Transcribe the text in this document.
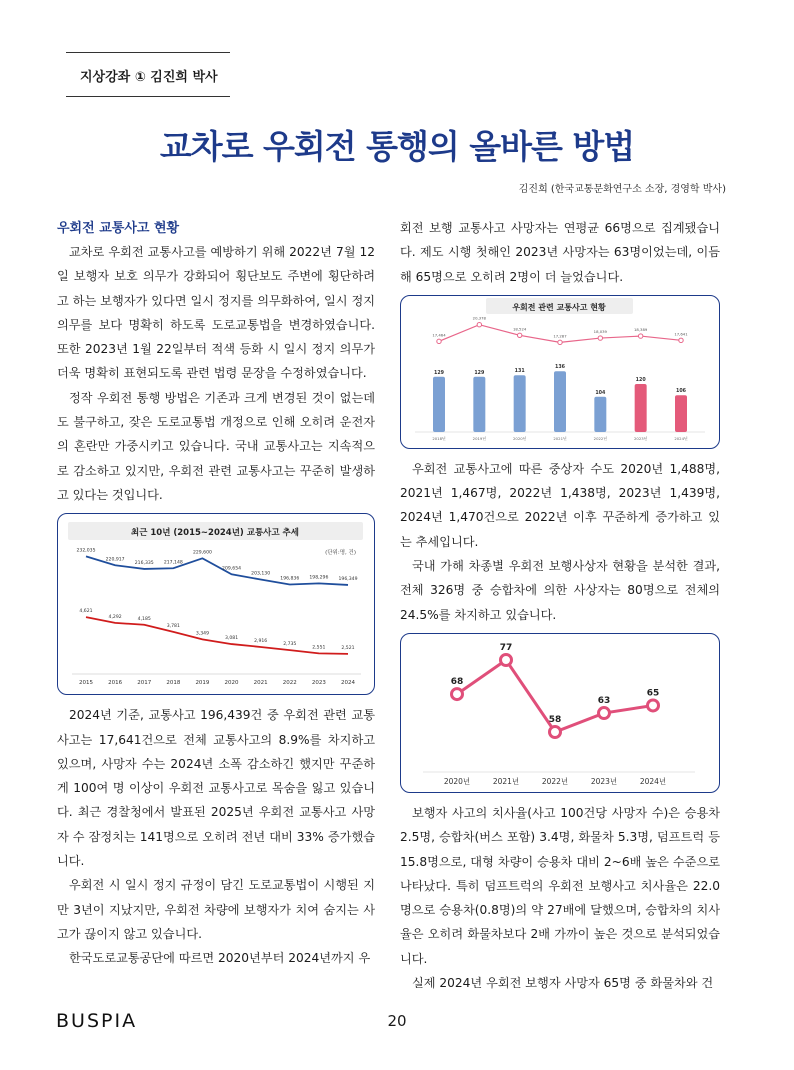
지상강좌 ① 김진희 박사
교차로 우회전 통행의 올바른 방법
김진희 (한국교통문화연구소 소장, 경영학 박사)
우회전 교통사고 현황

교차로 우회전 교통사고를 예방하기 위해 2022년 7월 12일 보행자 보호 의무가 강화되어 횡단보도 주변에 횡단하려고 하는 보행자가 있다면 일시 정지를 의무화하여, 일시 정지 의무를 보다 명확히 하도록 도로교통법을 변경하였습니다. 또한 2023년 1월 22일부터 적색 등화 시 일시 정지 의무가 더욱 명확히 표현되도록 관련 법령 문장을 수정하였습니다.

정작 우회전 통행 방법은 기존과 크게 변경된 것이 없는데도 불구하고, 잦은 도로교통법 개정으로 인해 오히려 운전자의 혼란만 가중시키고 있습니다. 국내 교통사고는 지속적으로 감소하고 있지만, 우회전 관련 교통사고는 꾸준히 발생하고 있다는 것입니다.

최근 10년 (2015~2024년) 교통사고 추세
(단위:명, 건)
232,035
220,917
216,335 217,148
229,600
209,654
203,130
196,836 198,296 196,349
4,621
4,292	4,185
3,781
3,349
3,081
2,916
2,735
2,551	2,521
2015	2016	2017	2018	2019	2020	2021	2022	2023	2024

2024년 기준, 교통사고 196,439건 중 우회전 관련 교통사고는 17,641건으로 전체 교통사고의 8.9%를 차지하고 있으며, 사망자 수는 2024년 소폭 감소하긴 했지만 꾸준하게 100여 명 이상이 우회전 교통사고로 목숨을 잃고 있습니다. 최근 경찰청에서 발표된 2025년 우회전 교통사고 사망자 수 잠정치는 141명으로 오히려 전년 대비 33% 증가했습니다.

우회전 시 일시 정지 규정이 담긴 도로교통법이 시행된 지 만 3년이 지났지만, 우회전 차량에 보행자가 치여 숨지는 사고가 끊이지 않고 있습니다.

한국도로교통공단에 따르면 2020년부터 2024년까지 우

회전 보행 교통사고 사망자는 연평균 66명으로 집계됐습니다. 제도 시행 첫해인 2023년 사망자는 63명이었는데, 이듬해 65명으로 오히려 2명이 더 늘었습니다.

우회전 관련 교통사고 현황
129	129	131
136
104
120
106
17,464
20,378
18,524
17,287
18,039	18,389
17,641
2018년	2019년	2020년	2021년	2022년	2023년	2024년

우회전 교통사고에 따른 중상자 수도 2020년 1,488명, 2021년 1,467명, 2022년 1,438명, 2023년 1,439명, 2024년 1,470건으로 2022년 이후 꾸준하게 증가하고 있는 추세입니다.

국내 가해 차종별 우회전 보행사상자 현황을 분석한 결과, 전체 326명 중 승합차에 의한 사상자는 80명으로 전체의 24.5%를 차지하고 있습니다.

68
77
58
63
65
2020년	2021년	2022년	2023년	2024년

보행자 사고의 치사율(사고 100건당 사망자 수)은 승용차 2.5명, 승합차(버스 포함) 3.4명, 화물차 5.3명, 덤프트럭 등 15.8명으로, 대형 차량이 승용차 대비 2~6배 높은 수준으로 나타났다. 특히 덤프트럭의 우회전 보행사고 치사율은 22.0명으로 승용차(0.8명)의 약 27배에 달했으며, 승합차의 치사율은 오히려 화물차보다 2배 가까이 높은 것으로 분석되었습니다.

실제 2024년 우회전 보행자 사망자 65명 중 화물차와 건

BUSPIA	20
